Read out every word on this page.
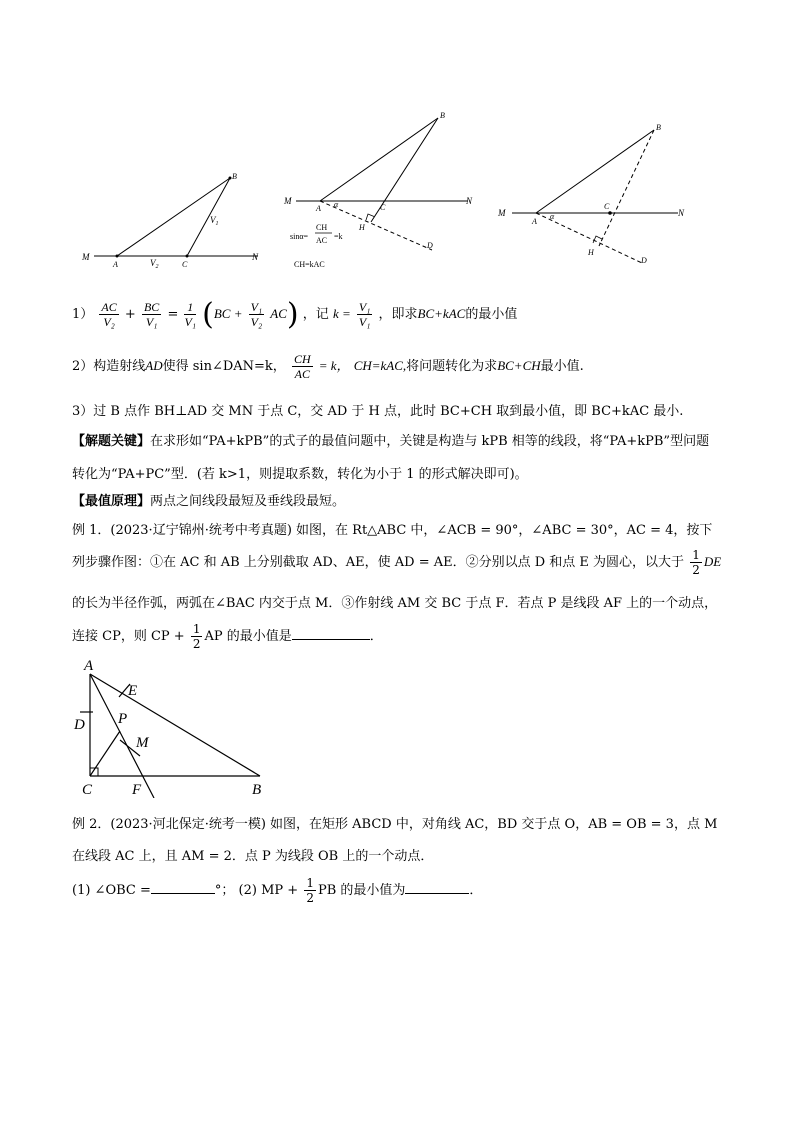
M	N
A	C
B
$V_1$
$V_2$
M	N
A α	C
H
D
B
sinα=
CH
AC =k
CH=kAC
M	N
A
α
C
H
D
B
$1) \frac{AC}{\text{V₂}} + \frac{BC}{\text{V₁}} = \frac{1}{\text{V₁}} (BC + \frac{\text{V₁}}{\text{V₂}} AC)$ ，记 $k = \frac{\text{V₁}}{\text{V₁}}$ ，即求BC+kAC的最小值
2）构造射线AD使得 sin∠DAN=k， $\frac{CH}{AC} = k$， CH=kAC,将问题转化为求BC+CH最小值.
3）过 B 点作 BH⊥AD 交 MN 于点 C，交 AD 于 H 点，此时 BC+CH 取到最小值，即 BC+kAC 最小.
【解题关键】在求形如“PA+kPB”的式子的最值问题中，关键是构造与 kPB 相等的线段，将“PA+kPB”型问题
转化为“PA+PC”型．(若 k>1，则提取系数，转化为小于 1 的形式解决即可)。
【最值原理】两点之间线段最短及垂线段最短。
例 1．(2023·辽宁锦州·统考中考真题) 如图，在 Rt△ABC 中，∠ACB = 90°，∠ABC = 30°，AC = 4，按下
列步骤作图：①在 AC 和 AB 上分别截取 AD、AE，使 AD = AE．②分别以点 D 和点 E 为圆心，以大于 $\frac{1}{2}$ DE
的长为半径作弧，两弧在∠BAC 内交于点 M．③作射线 AM 交 BC 于点 F．若点 P 是线段 AF 上的一个动点，
连接 CP，则 CP + $\frac{1}{2}$ AP 的最小值是	．
A
E
D P
M
C	F	B
例 2．(2023·河北保定·统考一模) 如图，在矩形 ABCD 中，对角线 AC，BD 交于点 O，AB = OB = 3，点 M
在线段 AC 上，且 AM = 2．点 P 为线段 OB 上的一个动点．
(1) ∠OBC =	°； (2) MP + $\frac{1}{2}$ PB 的最小值为	．
